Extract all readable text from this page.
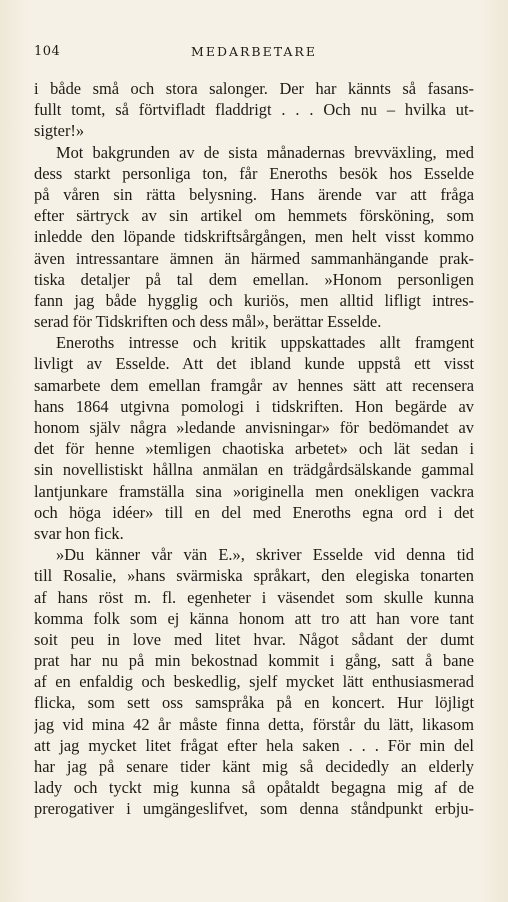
104	MEDARBETARE
i både små och stora salonger. Der har kännts så fasans-
fullt tomt, så förtvifladt fladdrigt . . . Och nu – hvilka ut-
sigter!»
Mot bakgrunden av de sista månadernas brevväxling, med
dess starkt personliga ton, får Eneroths besök hos Esselde
på våren sin rätta belysning. Hans ärende var att fråga
efter särtryck av sin artikel om hemmets försköning, som
inledde den löpande tidskriftsårgången, men helt visst kommo
även intressantare ämnen än härmed sammanhängande prak-
tiska detaljer på tal dem emellan. »Honom personligen
fann jag både hygglig och kuriös, men alltid lifligt intres-
serad för Tidskriften och dess mål», berättar Esselde.
Eneroths intresse och kritik uppskattades allt framgent
livligt av Esselde. Att det ibland kunde uppstå ett visst
samarbete dem emellan framgår av hennes sätt att recensera
hans 1864 utgivna pomologi i tidskriften. Hon begärde av
honom själv några »ledande anvisningar» för bedömandet av
det för henne »temligen chaotiska arbetet» och lät sedan i
sin novellistiskt hållna anmälan en trädgårdsälskande gammal
lantjunkare framställa sina »originella men onekligen vackra
och höga idéer» till en del med Eneroths egna ord i det
svar hon fick.
»Du känner vår vän E.», skriver Esselde vid denna tid
till Rosalie, »hans svärmiska språkart, den elegiska tonarten
af hans röst m. fl. egenheter i väsendet som skulle kunna
komma folk som ej känna honom att tro att han vore tant
soit peu in love med litet hvar. Något sådant der dumt
prat har nu på min bekostnad kommit i gång, satt å bane
af en enfaldig och beskedlig, sjelf mycket lätt enthusiasmerad
flicka, som sett oss samspråka på en koncert. Hur löjligt
jag vid mina 42 år måste finna detta, förstår du lätt, likasom
att jag mycket litet frågat efter hela saken . . . För min del
har jag på senare tider känt mig så decidedly an elderly
lady och tyckt mig kunna så opåtaldt begagna mig af de
prerogativer i umgängeslifvet, som denna ståndpunkt erbju-
